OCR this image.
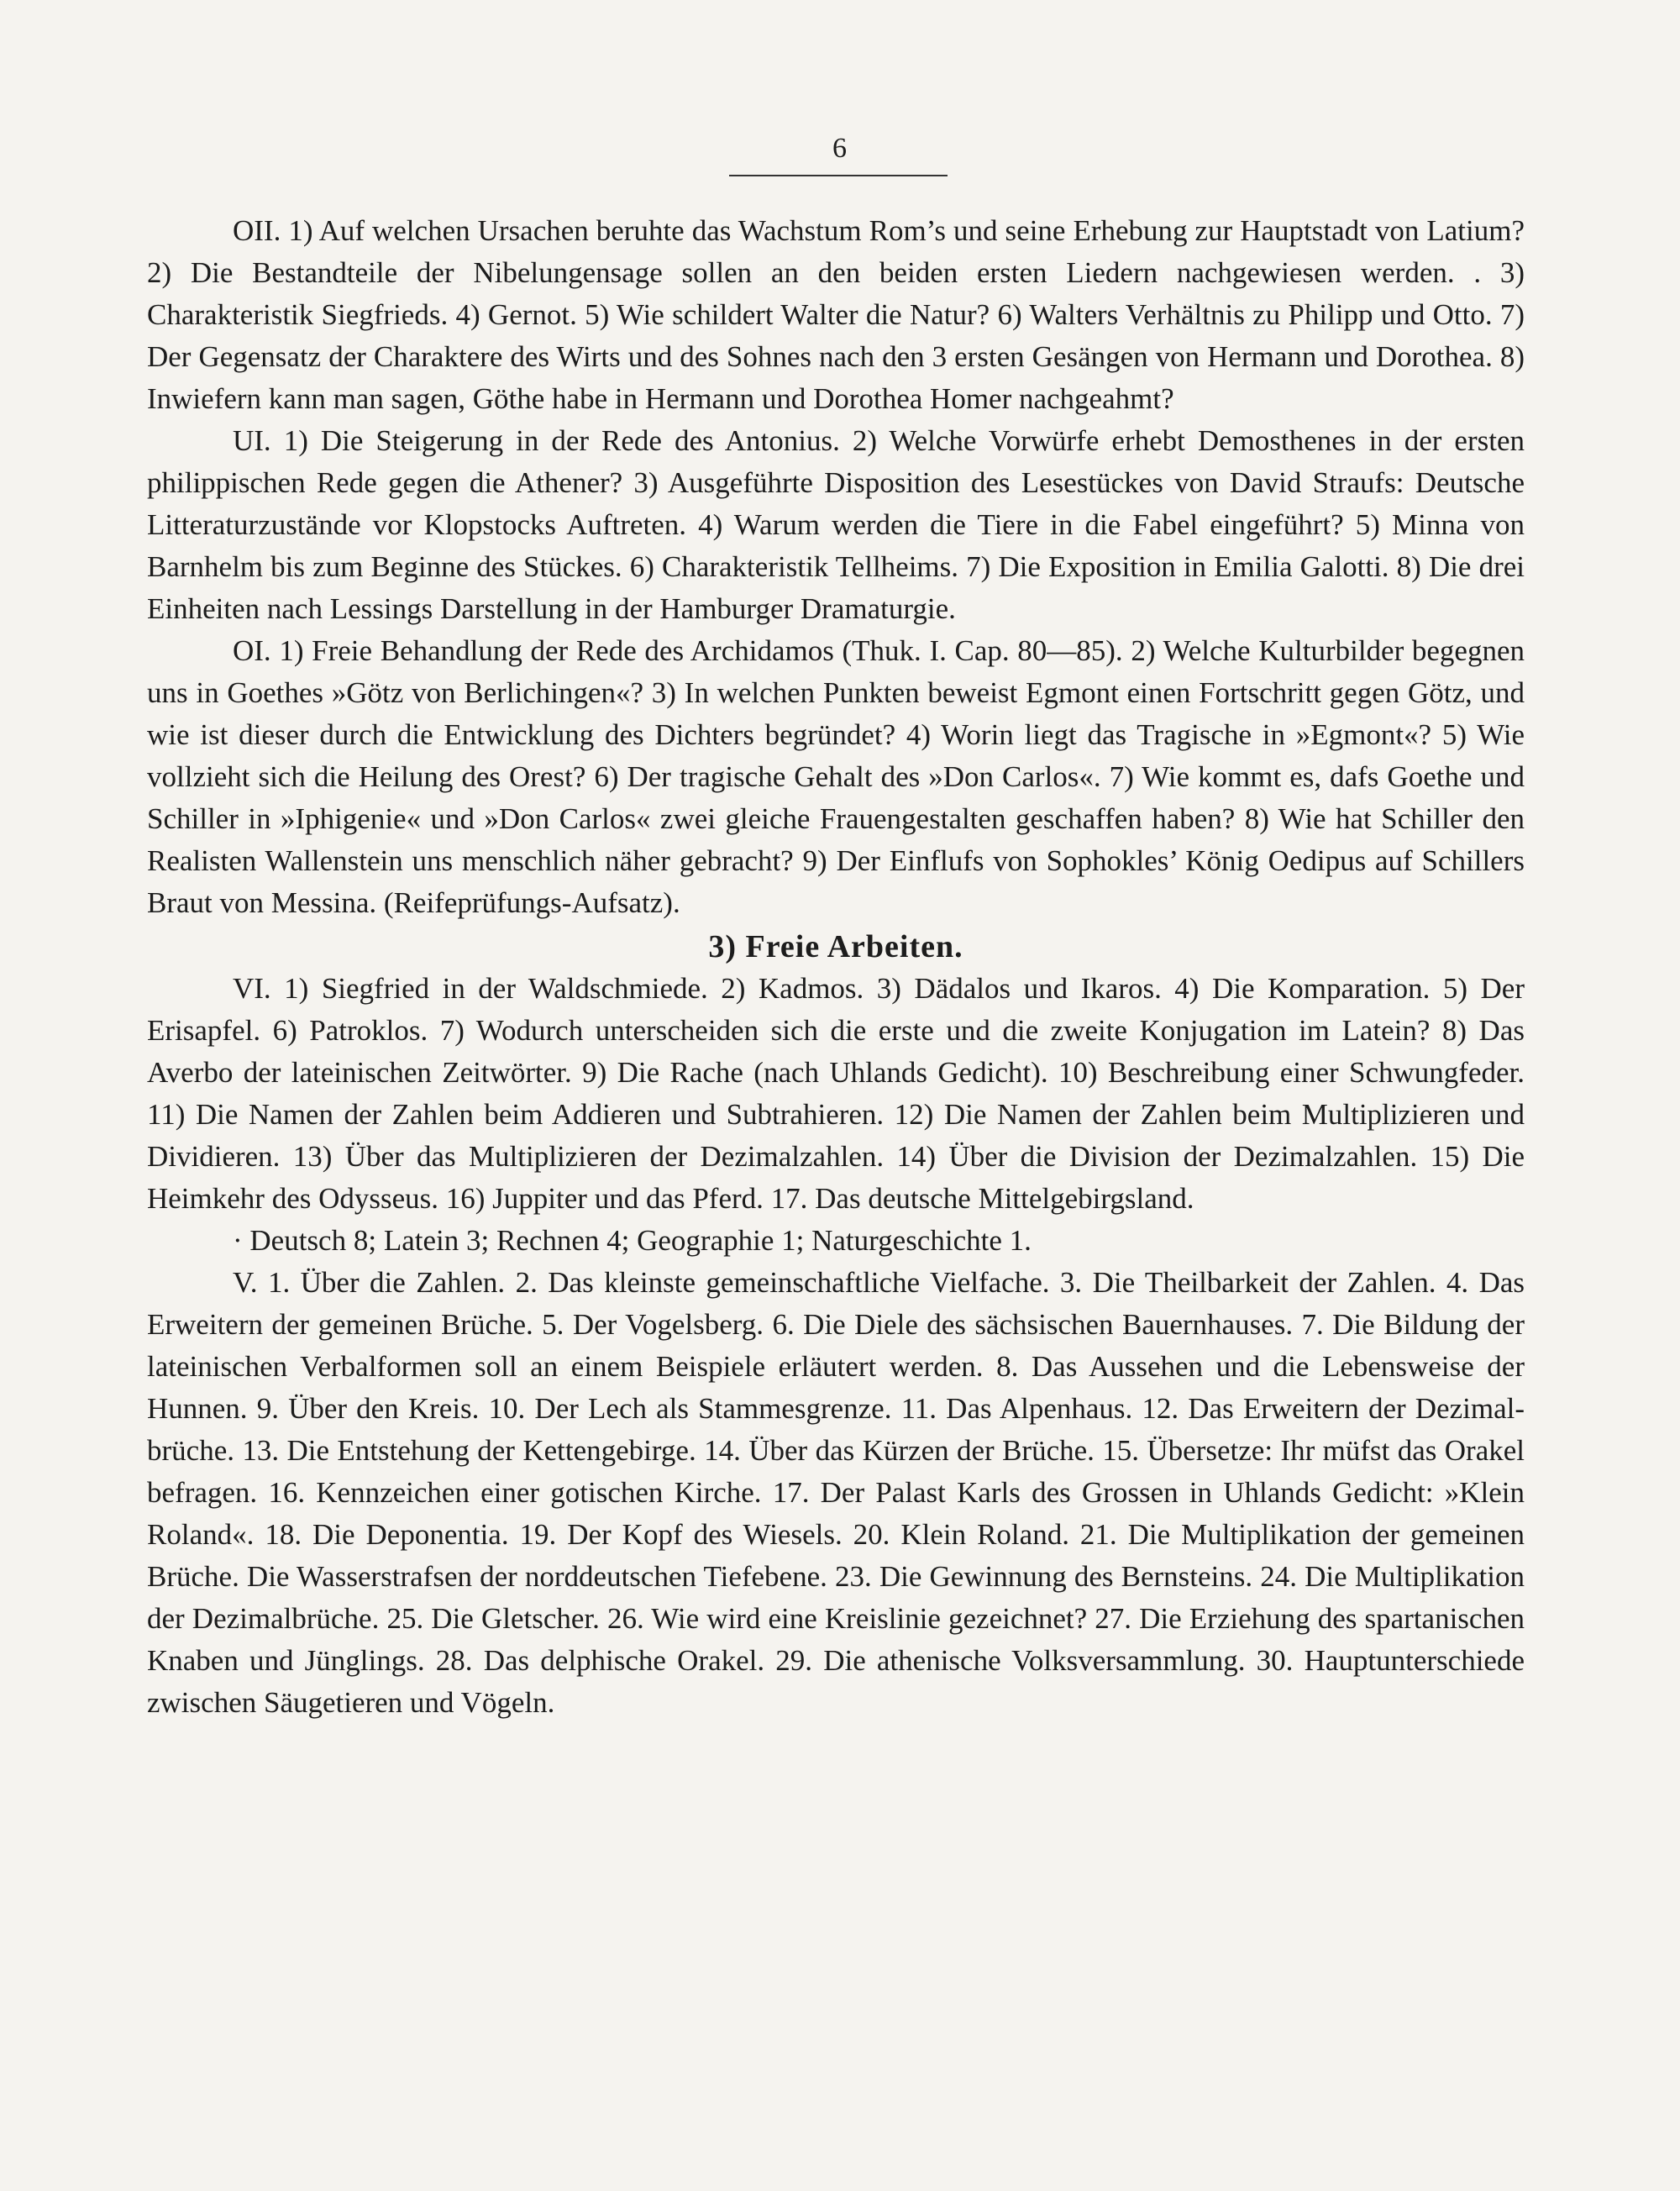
6

OII. 1) Auf welchen Ursachen beruhte das Wachstum Rom’s und seine Erhebung zur Hauptstadt von Latium? 2) Die Bestandteile der Nibelungensage sollen an den beiden ersten Liedern nachgewiesen werden. . 3) Charakteristik Siegfrieds. 4) Gernot. 5) Wie schildert Walter die Natur? 6) Walters Verhältnis zu Philipp und Otto. 7) Der Gegensatz der Charaktere des Wirts und des Sohnes nach den 3 ersten Gesängen von Hermann und Dorothea. 8) Inwiefern kann man sagen, Göthe habe in Hermann und Dorothea Homer nachgeahmt?

UI. 1) Die Steigerung in der Rede des Antonius. 2) Welche Vorwürfe erhebt Demosthenes in der ersten philippischen Rede gegen die Athener? 3) Ausgeführte Disposition des Lesestückes von David Straufs: Deutsche Litteraturzustände vor Klopstocks Auftreten. 4) Warum werden die Tiere in die Fabel eingeführt? 5) Minna von Barnhelm bis zum Beginne des Stückes. 6) Charakteristik Tellheims. 7) Die Exposition in Emilia Galotti. 8) Die drei Einheiten nach Lessings Darstellung in der Hamburger Dramaturgie.

OI. 1) Freie Behandlung der Rede des Archidamos (Thuk. I. Cap. 80—85). 2) Welche Kulturbilder begegnen uns in Goethes »Götz von Berlichingen«? 3) In welchen Punkten beweist Egmont einen Fortschritt gegen Götz, und wie ist dieser durch die Entwicklung des Dichters begründet? 4) Worin liegt das Tragische in »Egmont«? 5) Wie vollzieht sich die Heilung des Orest? 6) Der tragische Gehalt des »Don Carlos«. 7) Wie kommt es, dafs Goethe und Schiller in »Iphigenie« und »Don Carlos« zwei gleiche Frauengestalten geschaffen haben? 8) Wie hat Schiller den Realisten Wallenstein uns menschlich näher gebracht? 9) Der Einflufs von Sophokles’ König Oedipus auf Schillers Braut von Messina. (Reifeprüfungs-Aufsatz).

3) Freie Arbeiten.

VI. 1) Siegfried in der Waldschmiede. 2) Kadmos. 3) Dädalos und Ikaros. 4) Die Komparation. 5) Der Erisapfel. 6) Patroklos. 7) Wodurch unterscheiden sich die erste und die zweite Konjugation im Latein? 8) Das Averbo der lateinischen Zeitwörter. 9) Die Rache (nach Uhlands Gedicht). 10) Beschreibung einer Schwungfeder. 11) Die Namen der Zahlen beim Addieren und Subtrahieren. 12) Die Namen der Zahlen beim Multiplizieren und Dividieren. 13) Über das Multiplizieren der Dezimalzahlen. 14) Über die Division der Dezimalzahlen. 15) Die Heimkehr des Odysseus. 16) Juppiter und das Pferd. 17. Das deutsche Mittelgebirgsland.

· Deutsch 8; Latein 3; Rechnen 4; Geographie 1; Naturgeschichte 1.

V. 1. Über die Zahlen. 2. Das kleinste gemeinschaftliche Vielfache. 3. Die Theilbarkeit der Zahlen. 4. Das Erweitern der gemeinen Brüche. 5. Der Vogelsberg. 6. Die Diele des sächsischen Bauernhauses. 7. Die Bildung der lateinischen Verbalformen soll an einem Beispiele erläutert werden. 8. Das Aussehen und die Lebensweise der Hunnen. 9. Über den Kreis. 10. Der Lech als Stammesgrenze. 11. Das Alpenhaus. 12. Das Erweitern der Dezimalbrüche. 13. Die Entstehung der Kettengebirge. 14. Über das Kürzen der Brüche. 15. Übersetze: Ihr müfst das Orakel befragen. 16. Kennzeichen einer gotischen Kirche. 17. Der Palast Karls des Grossen in Uhlands Gedicht: »Klein Roland«. 18. Die Deponentia. 19. Der Kopf des Wiesels. 20. Klein Roland. 21. Die Multiplikation der gemeinen Brüche. Die Wasserstrafsen der norddeutschen Tiefebene. 23. Die Gewinnung des Bernsteins. 24. Die Multiplikation der Dezimalbrüche. 25. Die Gletscher. 26. Wie wird eine Kreislinie gezeichnet? 27. Die Erziehung des spartanischen Knaben und Jünglings. 28. Das delphische Orakel. 29. Die athenische Volksversammlung. 30. Hauptunterschiede zwischen Säugetieren und Vögeln.
